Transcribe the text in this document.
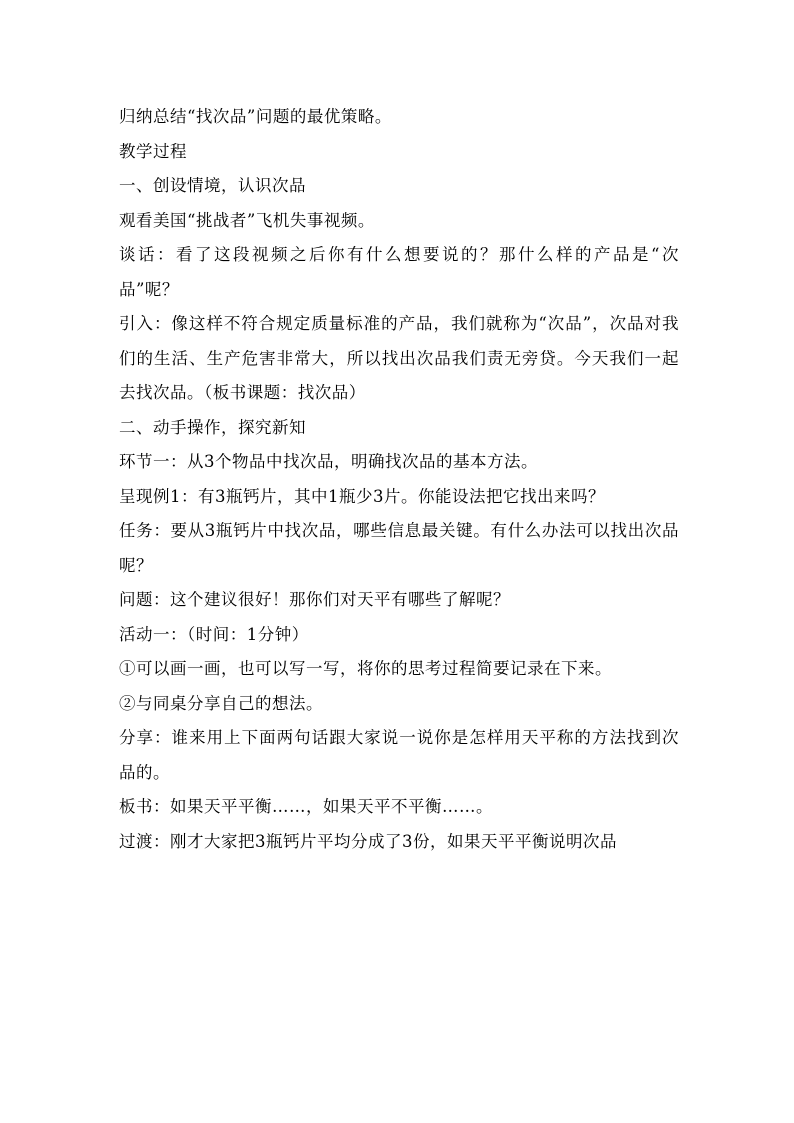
归纳总结“找次品”问题的最优策略。

教学过程

一、创设情境，认识次品

观看美国“挑战者”飞机失事视频。

谈话：看了这段视频之后你有什么想要说的？那什么样的产品是“次品”呢？

引入：像这样不符合规定质量标准的产品，我们就称为“次品”，次品对我们的生活、生产危害非常大，所以找出次品我们责无旁贷。今天我们一起去找次品。（板书课题：找次品）

二、动手操作，探究新知

环节一：从3个物品中找次品，明确找次品的基本方法。

呈现例1：有3瓶钙片，其中1瓶少3片。你能设法把它找出来吗？

任务：要从3瓶钙片中找次品，哪些信息最关键。有什么办法可以找出次品呢？

问题：这个建议很好！那你们对天平有哪些了解呢？

活动一：（时间：1分钟）

①可以画一画，也可以写一写，将你的思考过程简要记录在下来。

②与同桌分享自己的想法。

分享：谁来用上下面两句话跟大家说一说你是怎样用天平称的方法找到次品的。

板书：如果天平平衡……，如果天平不平衡……。

过渡：刚才大家把3瓶钙片平均分成了3份，如果天平平衡说明次品
